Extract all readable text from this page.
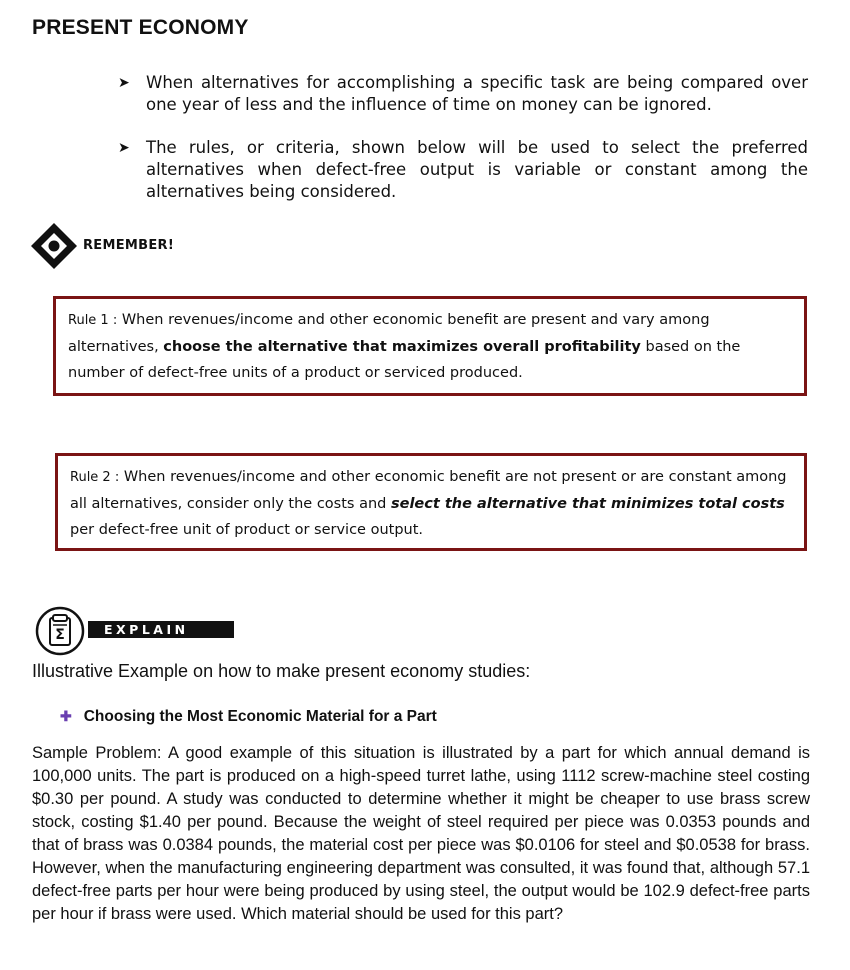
PRESENT ECONOMY
➤ When alternatives for accomplishing a specific task are being compared over one year of less and the influence of time on money can be ignored.
➤ The rules, or criteria, shown below will be used to select the preferred alternatives when defect-free output is variable or constant among the alternatives being considered.
REMEMBER!
Rule 1 : When revenues/income and other economic benefit are present and vary among alternatives, choose the alternative that maximizes overall profitability based on the number of defect-free units of a product or serviced produced.
Rule 2 : When revenues/income and other economic benefit are not present or are constant among all alternatives, consider only the costs and select the alternative that minimizes total costs per defect-free unit of product or service output.
Σ	EXPLAIN
Illustrative Example on how to make present economy studies:
✚ Choosing the Most Economic Material for a Part
Sample Problem: A good example of this situation is illustrated by a part for which annual demand is 100,000 units. The part is produced on a high-speed turret lathe, using 1112 screw-machine steel costing $0.30 per pound. A study was conducted to determine whether it might be cheaper to use brass screw stock, costing $1.40 per pound. Because the weight of steel required per piece was 0.0353 pounds and that of brass was 0.0384 pounds, the material cost per piece was $0.0106 for steel and $0.0538 for brass. However, when the manufacturing engineering department was consulted, it was found that, although 57.1 defect-free parts per hour were being produced by using steel, the output would be 102.9 defect-free parts per hour if brass were used. Which material should be used for this part?
